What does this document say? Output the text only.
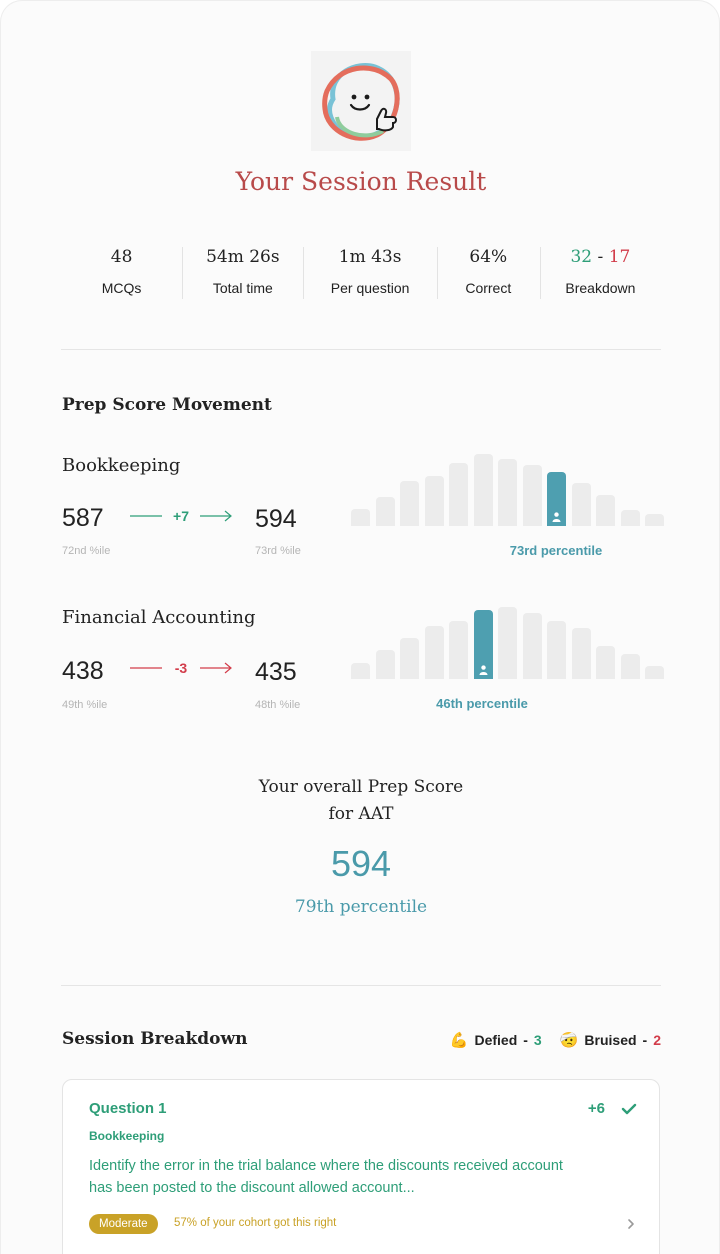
Your Session Result
48
MCQs
54m 26s
Total time
1m 43s
Per question
64%
Correct
32 - 17
Breakdown
Prep Score Movement
Bookkeeping
587
72nd %ile
+7	594
73rd %ile	73rd percentile
Financial Accounting
438
49th %ile
-3	435
48th %ile	46th percentile
Your overall Prep Score
for AAT
594
79th percentile
Session Breakdown	💪 Defied - 3 🤕 Bruised - 2
Question 1
Bookkeeping
Identify the error in the trial balance where the discounts received account has been posted to the discount allowed account...
+6
Moderate	57% of your cohort got this right
